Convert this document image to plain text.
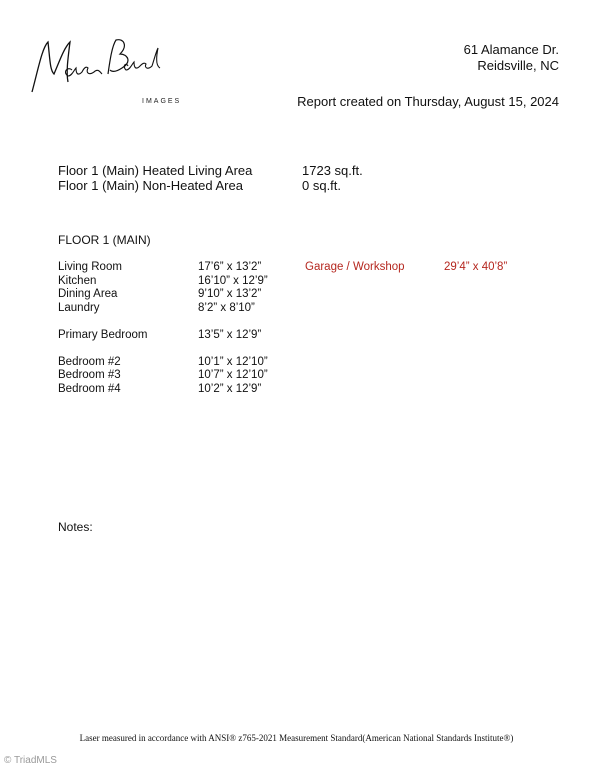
IMAGES
61 Alamance Dr.
Reidsville, NC
Report created on Thursday, August 15, 2024
Floor 1 (Main) Heated Living Area	1723 sq.ft.
Floor 1 (Main) Non-Heated Area	0 sq.ft.
FLOOR 1 (MAIN)
Living Room	17’6” x 13’2”
Kitchen	16’10” x 12’9”
Dining Area	9’10” x 13’2”
Laundry	8’2” x 8’10”
Primary Bedroom	13’5” x 12’9”
Bedroom #2	10’1” x 12’10”
Bedroom #3	10’7” x 12’10”
Bedroom #4	10’2” x 12’9”
Garage / Workshop	29’4” x 40’8”
Notes:
Laser measured in accordance with ANSI® z765-2021 Measurement Standard(American National Standards Institute®)
© TriadMLS
